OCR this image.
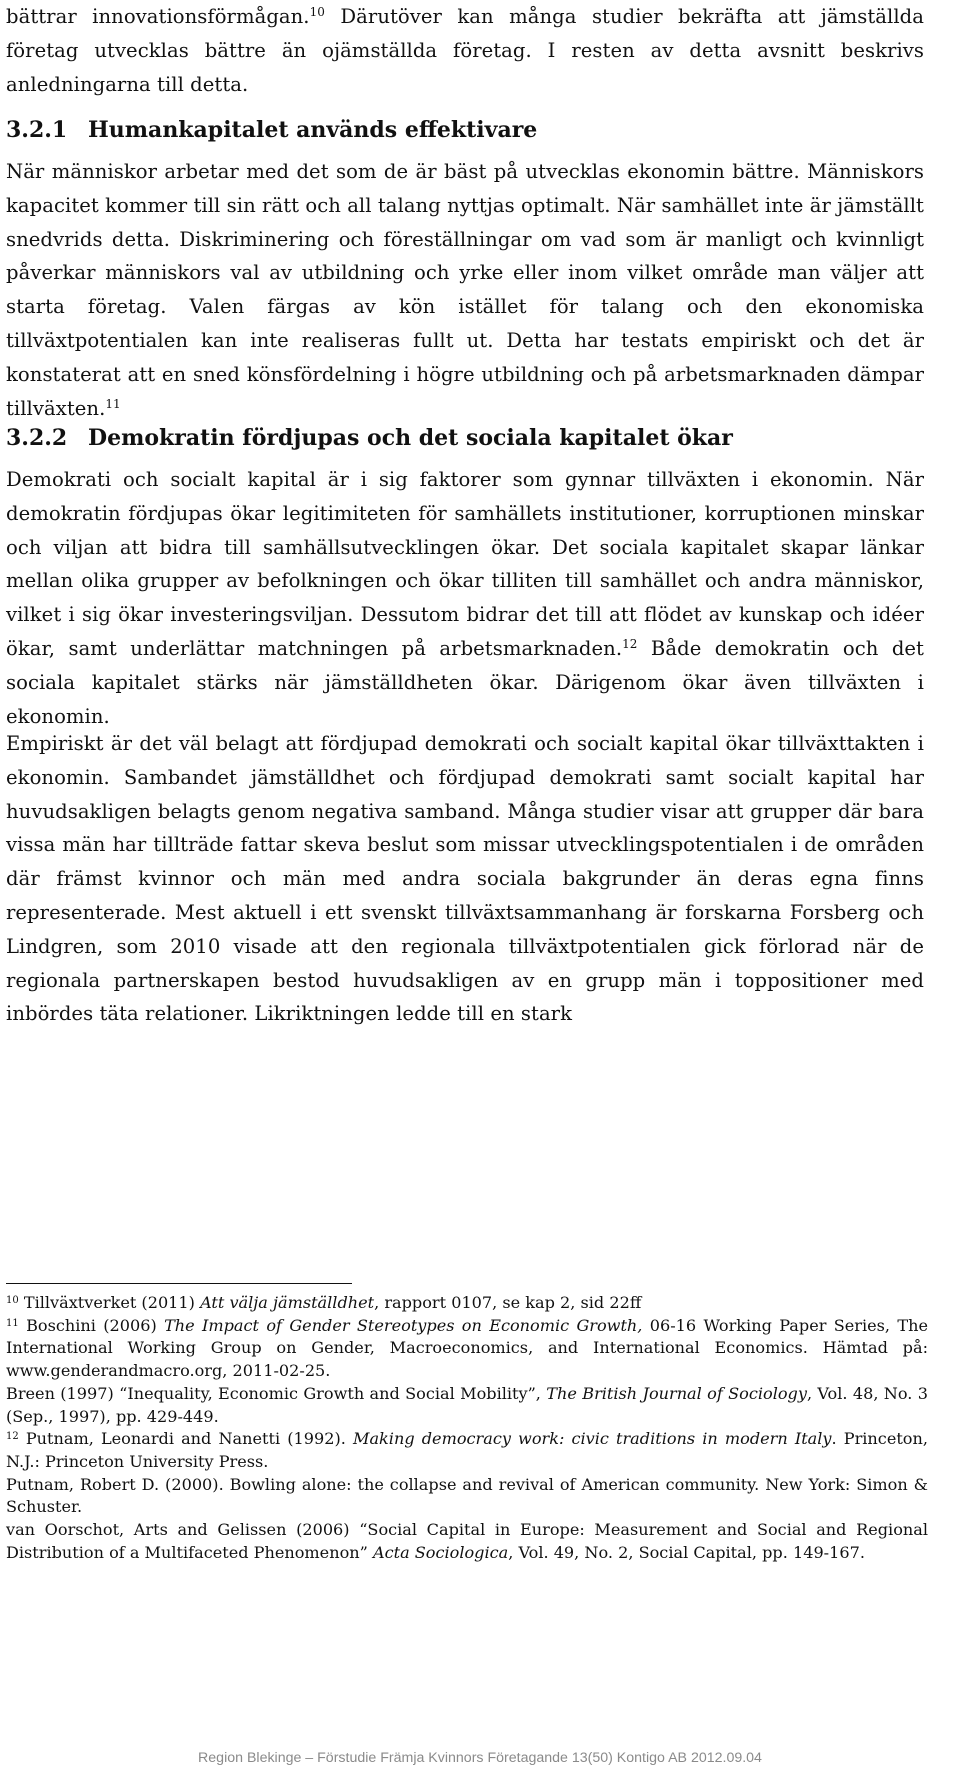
bättrar innovationsförmågan.$^{10}$ Därutöver kan många studier bekräfta att jämställda företag utvecklas bättre än ojämställda företag. I resten av detta avsnitt beskrivs anledningarna till detta.

3.2.1 Humankapitalet används effektivare

När människor arbetar med det som de är bäst på utvecklas ekonomin bättre. Människors kapacitet kommer till sin rätt och all talang nyttjas optimalt. När samhället inte är jämställt snedvrids detta. Diskriminering och föreställningar om vad som är manligt och kvinnligt påverkar människors val av utbildning och yrke eller inom vilket område man väljer att starta företag. Valen färgas av kön istället för talang och den ekonomiska tillväxtpotentialen kan inte realiseras fullt ut. Detta har testats empiriskt och det är konstaterat att en sned könsfördelning i högre utbildning och på arbetsmarknaden dämpar tillväxten.$^{11}$

3.2.2 Demokratin fördjupas och det sociala kapitalet ökar

Demokrati och socialt kapital är i sig faktorer som gynnar tillväxten i ekonomin. När demokratin fördjupas ökar legitimiteten för samhällets institutioner, korruptionen minskar och viljan att bidra till samhällsutvecklingen ökar. Det sociala kapitalet skapar länkar mellan olika grupper av befolkningen och ökar tilliten till samhället och andra människor, vilket i sig ökar investeringsviljan. Dessutom bidrar det till att flödet av kunskap och idéer ökar, samt underlättar matchningen på arbetsmarknaden.$^{12}$ Både demokratin och det sociala kapitalet stärks när jämställdheten ökar. Därigenom ökar även tillväxten i ekonomin.

Empiriskt är det väl belagt att fördjupad demokrati och socialt kapital ökar tillväxttakten i ekonomin. Sambandet jämställdhet och fördjupad demokrati samt socialt kapital har huvudsakligen belagts genom negativa samband. Många studier visar att grupper där bara vissa män har tillträde fattar skeva beslut som missar utvecklingspotentialen i de områden där främst kvinnor och män med andra sociala bakgrunder än deras egna finns representerade. Mest aktuell i ett svenskt tillväxtsammanhang är forskarna Forsberg och Lindgren, som 2010 visade att den regionala tillväxtpotentialen gick förlorad när de regionala partnerskapen bestod huvudsakligen av en grupp män i toppositioner med inbördes täta relationer. Likriktningen ledde till en stark

$^{10}$ Tillväxtverket (2011) Att välja jämställdhet, rapport 0107, se kap 2, sid 22ff
$^{11}$ Boschini (2006) The Impact of Gender Stereotypes on Economic Growth, 06-16 Working Paper Series, The International Working Group on Gender, Macroeconomics, and International Economics. Hämtad på: www.genderandmacro.org, 2011-02-25.
Breen (1997) “Inequality, Economic Growth and Social Mobility”, The British Journal of Sociology, Vol. 48, No. 3 (Sep., 1997), pp. 429-449.
$^{12}$ Putnam, Leonardi and Nanetti (1992). Making democracy work: civic traditions in modern Italy. Princeton, N.J.: Princeton University Press.
Putnam, Robert D. (2000). Bowling alone: the collapse and revival of American community. New York: Simon & Schuster.
van Oorschot, Arts and Gelissen (2006) “Social Capital in Europe: Measurement and Social and Regional Distribution of a Multifaceted Phenomenon” Acta Sociologica, Vol. 49, No. 2, Social Capital, pp. 149-167.
Region Blekinge – Förstudie Främja Kvinnors Företagande 13(50) Kontigo AB 2012.09.04
